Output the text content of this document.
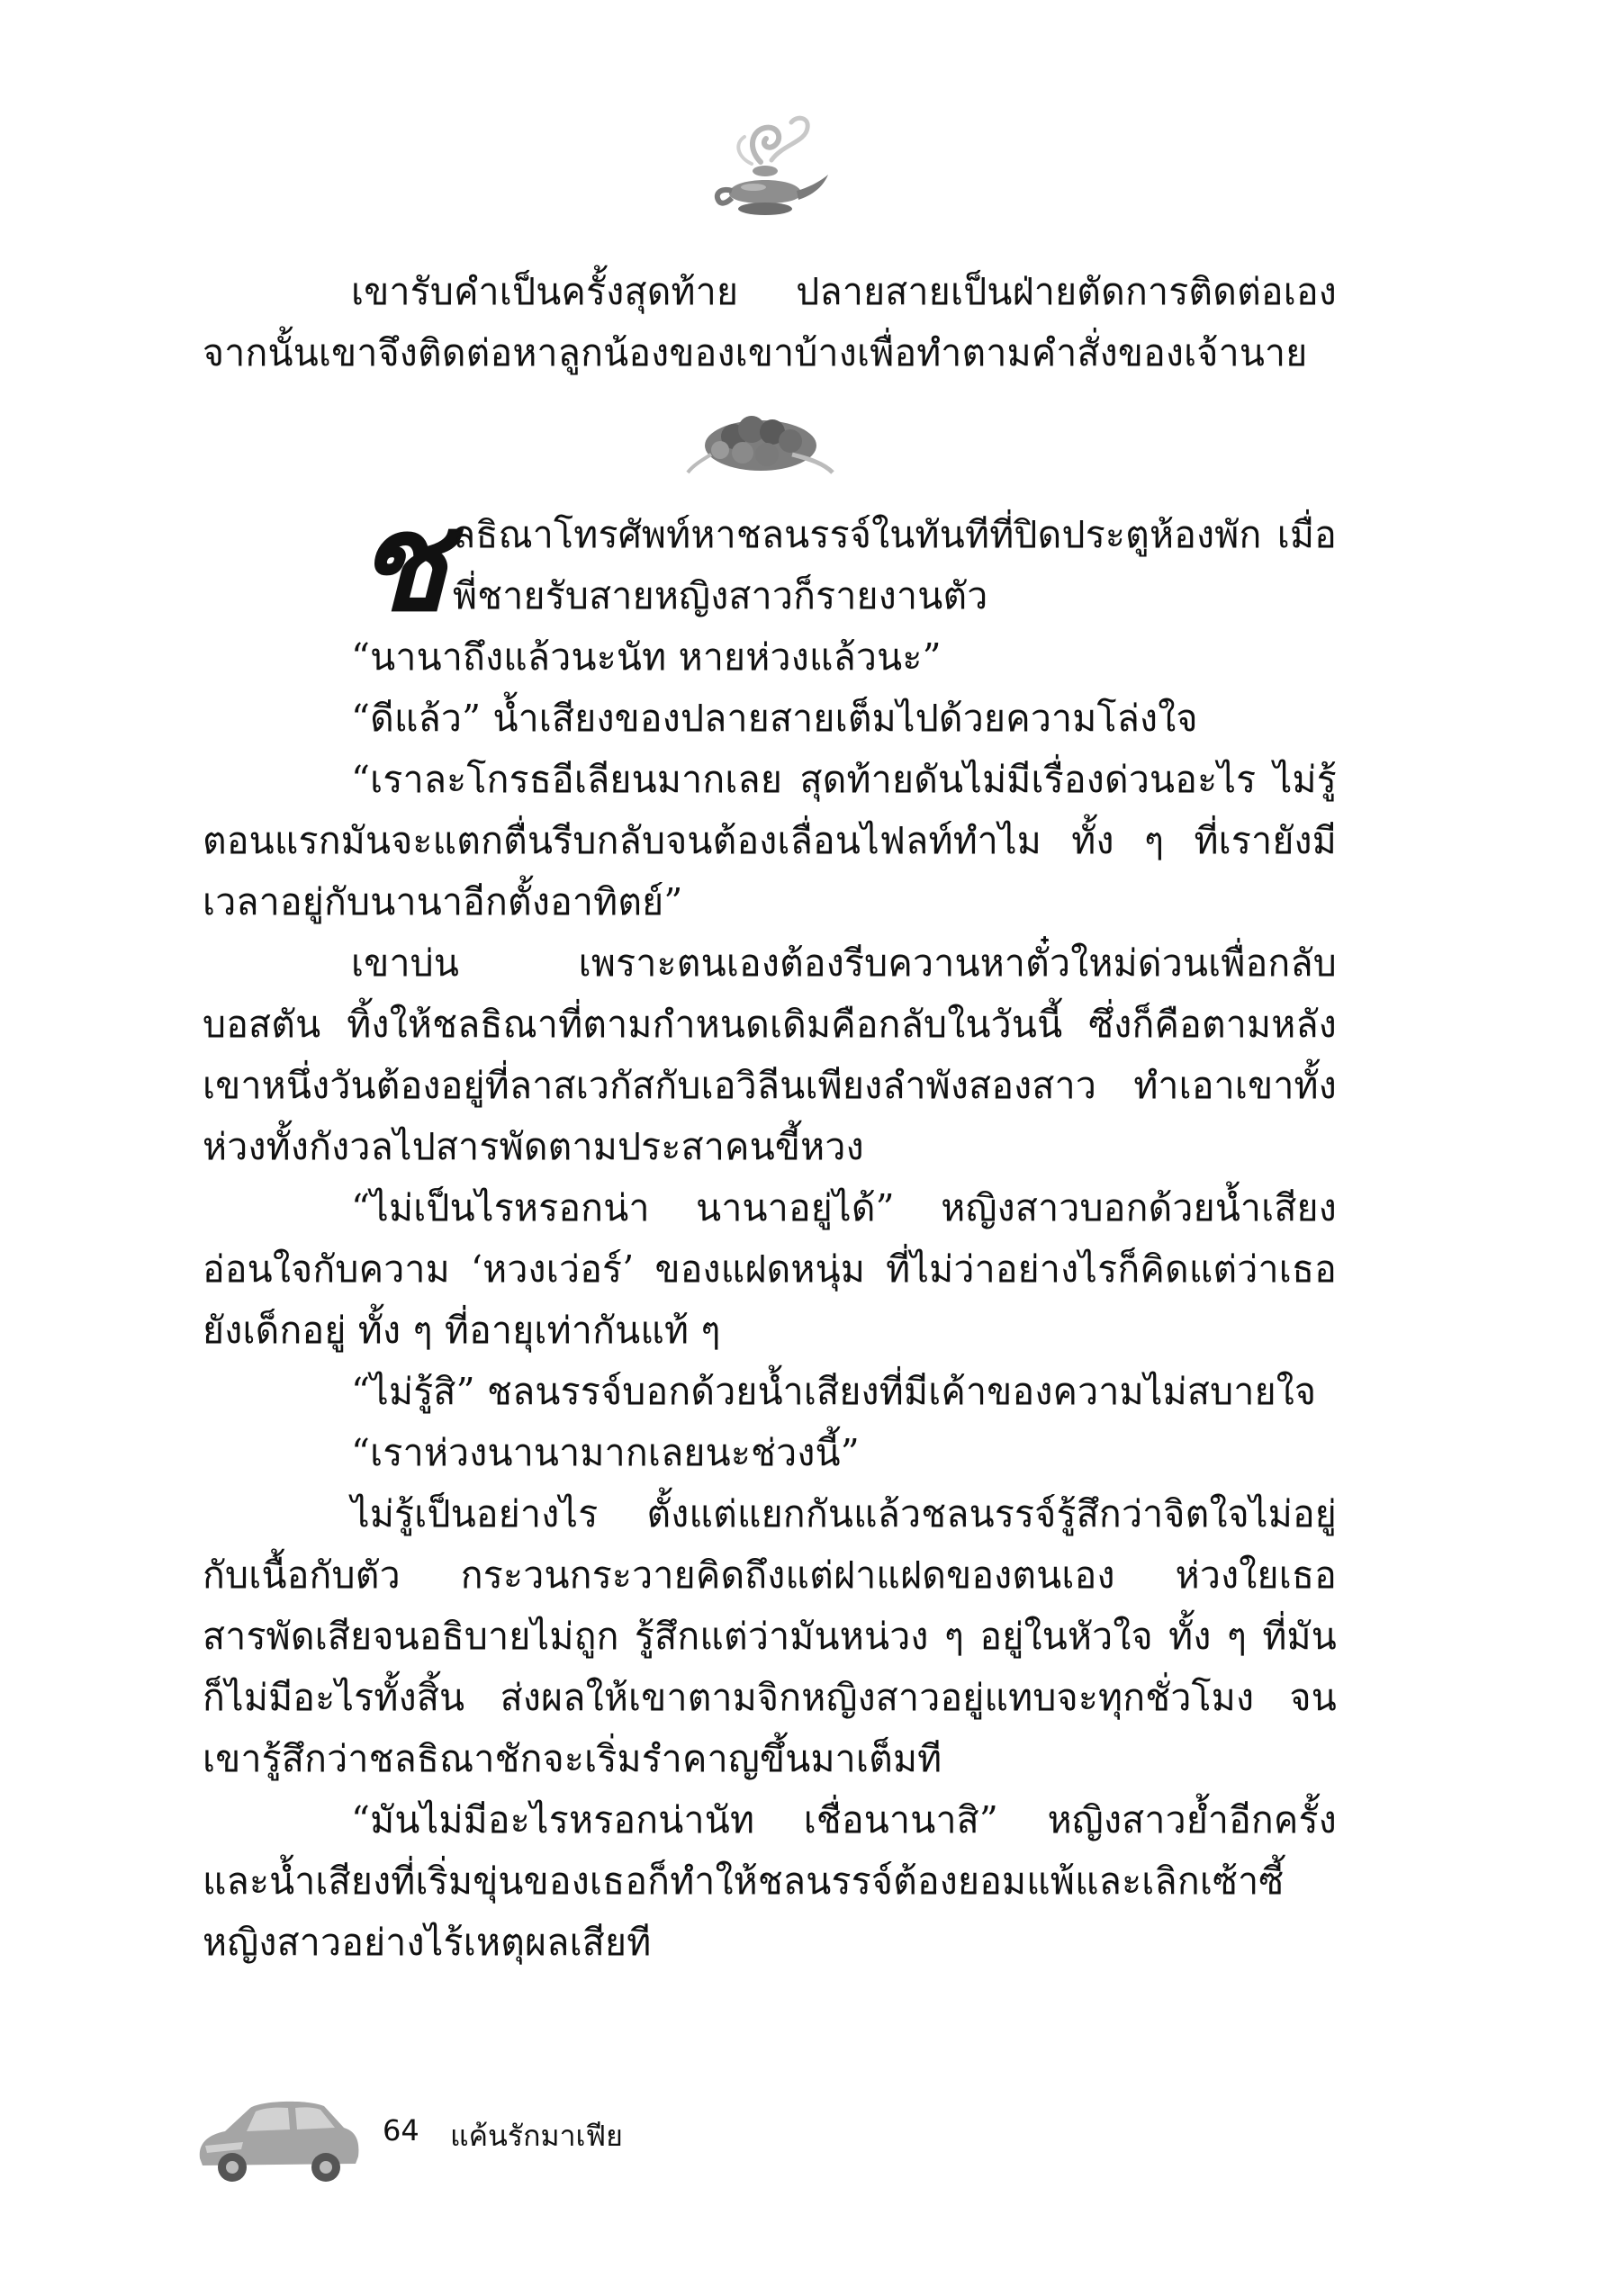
เขารับคำเป็นครั้งสุดท้าย ปลายสายเป็นฝ่ายตัดการติดต่อเอง จากนั้นเขาจึงติดต่อหาลูกน้องของเขาบ้างเพื่อทำตามคำสั่งของเจ้านาย

ชลธิณาโทรศัพท์หาชลนรรจ์ในทันทีที่ปิดประตูห้องพัก เมื่อพี่ชายรับสายหญิงสาวก็รายงานตัว

“นานาถึงแล้วนะนัท หายห่วงแล้วนะ”

“ดีแล้ว” น้ำเสียงของปลายสายเต็มไปด้วยความโล่งใจ

“เราละโกรธอีเลียนมากเลย สุดท้ายดันไม่มีเรื่องด่วนอะไร ไม่รู้ตอนแรกมันจะแตกตื่นรีบกลับจนต้องเลื่อนไฟลท์ทำไม ทั้ง ๆ ที่เรายังมีเวลาอยู่กับนานาอีกตั้งอาทิตย์”

เขาบ่น เพราะตนเองต้องรีบควานหาตั๋วใหม่ด่วนเพื่อกลับบอสตัน ทิ้งให้ชลธิณาที่ตามกำหนดเดิมคือกลับในวันนี้ ซึ่งก็คือตามหลังเขาหนึ่งวันต้องอยู่ที่ลาสเวกัสกับเอวิลีนเพียงลำพังสองสาว ทำเอาเขาทั้งห่วงทั้งกังวลไปสารพัดตามประสาคนขี้หวง

“ไม่เป็นไรหรอกน่า นานาอยู่ได้” หญิงสาวบอกด้วยน้ำเสียงอ่อนใจกับความ ‘หวงเว่อร์’ ของแฝดหนุ่ม ที่ไม่ว่าอย่างไรก็คิดแต่ว่าเธอยังเด็กอยู่ ทั้ง ๆ ที่อายุเท่ากันแท้ ๆ

“ไม่รู้สิ” ชลนรรจ์บอกด้วยน้ำเสียงที่มีเค้าของความไม่สบายใจ

“เราห่วงนานามากเลยนะช่วงนี้”

ไม่รู้เป็นอย่างไร ตั้งแต่แยกกันแล้วชลนรรจ์รู้สึกว่าจิตใจไม่อยู่กับเนื้อกับตัว กระวนกระวายคิดถึงแต่ฝาแฝดของตนเอง ห่วงใยเธอสารพัดเสียจนอธิบายไม่ถูก รู้สึกแต่ว่ามันหน่วง ๆ อยู่ในหัวใจ ทั้ง ๆ ที่มันก็ไม่มีอะไรทั้งสิ้น ส่งผลให้เขาตามจิกหญิงสาวอยู่แทบจะทุกชั่วโมง จนเขารู้สึกว่าชลธิณาชักจะเริ่มรำคาญขึ้นมาเต็มที

“มันไม่มีอะไรหรอกน่านัท เชื่อนานาสิ” หญิงสาวย้ำอีกครั้ง และน้ำเสียงที่เริ่มขุ่นของเธอก็ทำให้ชลนรรจ์ต้องยอมแพ้และเลิกเซ้าซี้หญิงสาวอย่างไร้เหตุผลเสียที

64 แค้นรักมาเฟีย
